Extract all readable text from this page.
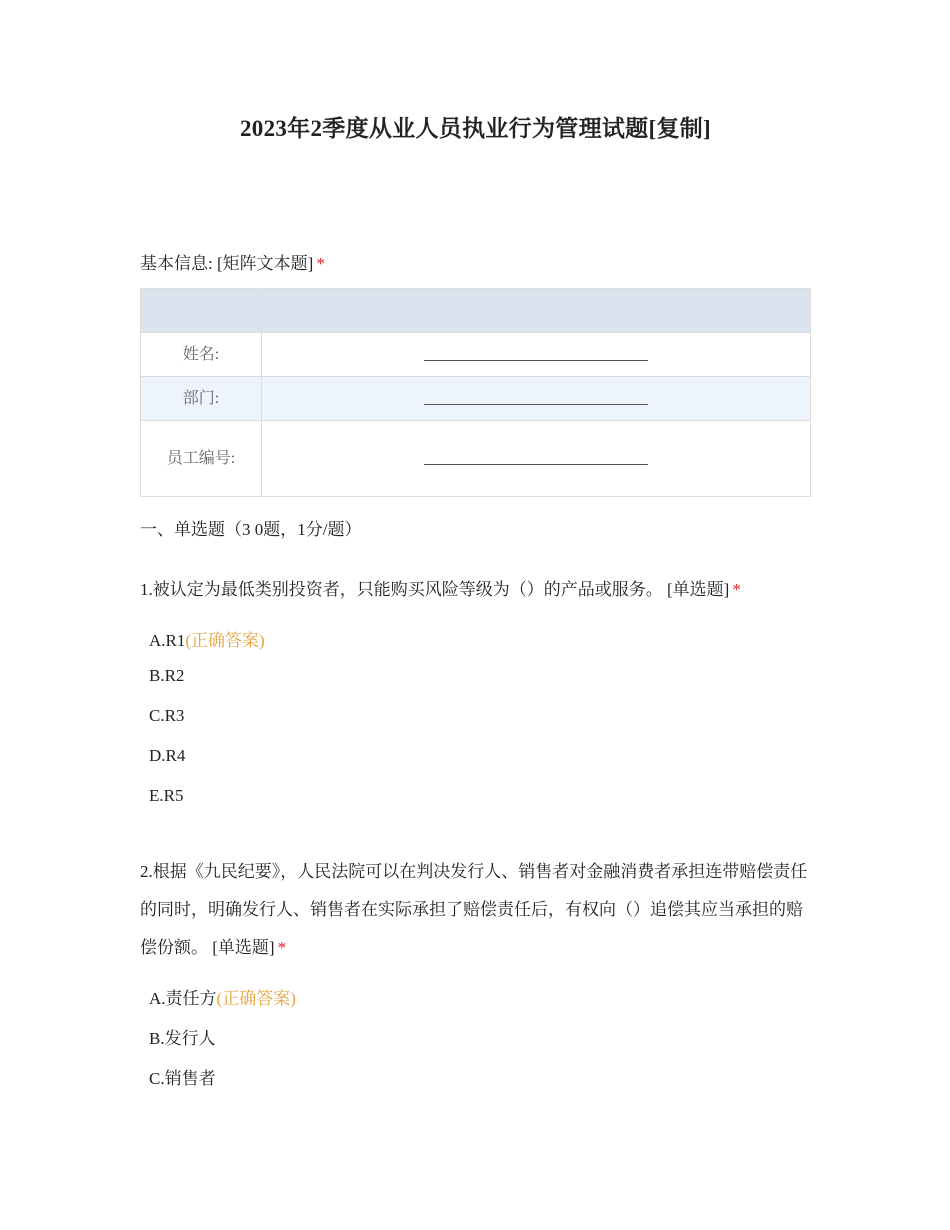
2023年2季度从业人员执业行为管理试题[复制]
基本信息: [矩阵文本题] *

姓名:	

部门:	

员工编号:	
一、单选题（3 0题，1分/题）
1.被认定为最低类别投资者，只能购买风险等级为（）的产品或服务。 [单选题] *
A.R1(正确答案)
B.R2
C.R3
D.R4
E.R5
2.根据《九民纪要》，人民法院可以在判决发行人、销售者对金融消费者承担连带赔偿责任的同时，明确发行人、销售者在实际承担了赔偿责任后，有权向（）追偿其应当承担的赔偿份额。 [单选题] *
A.责任方(正确答案)
B.发行人
C.销售者
